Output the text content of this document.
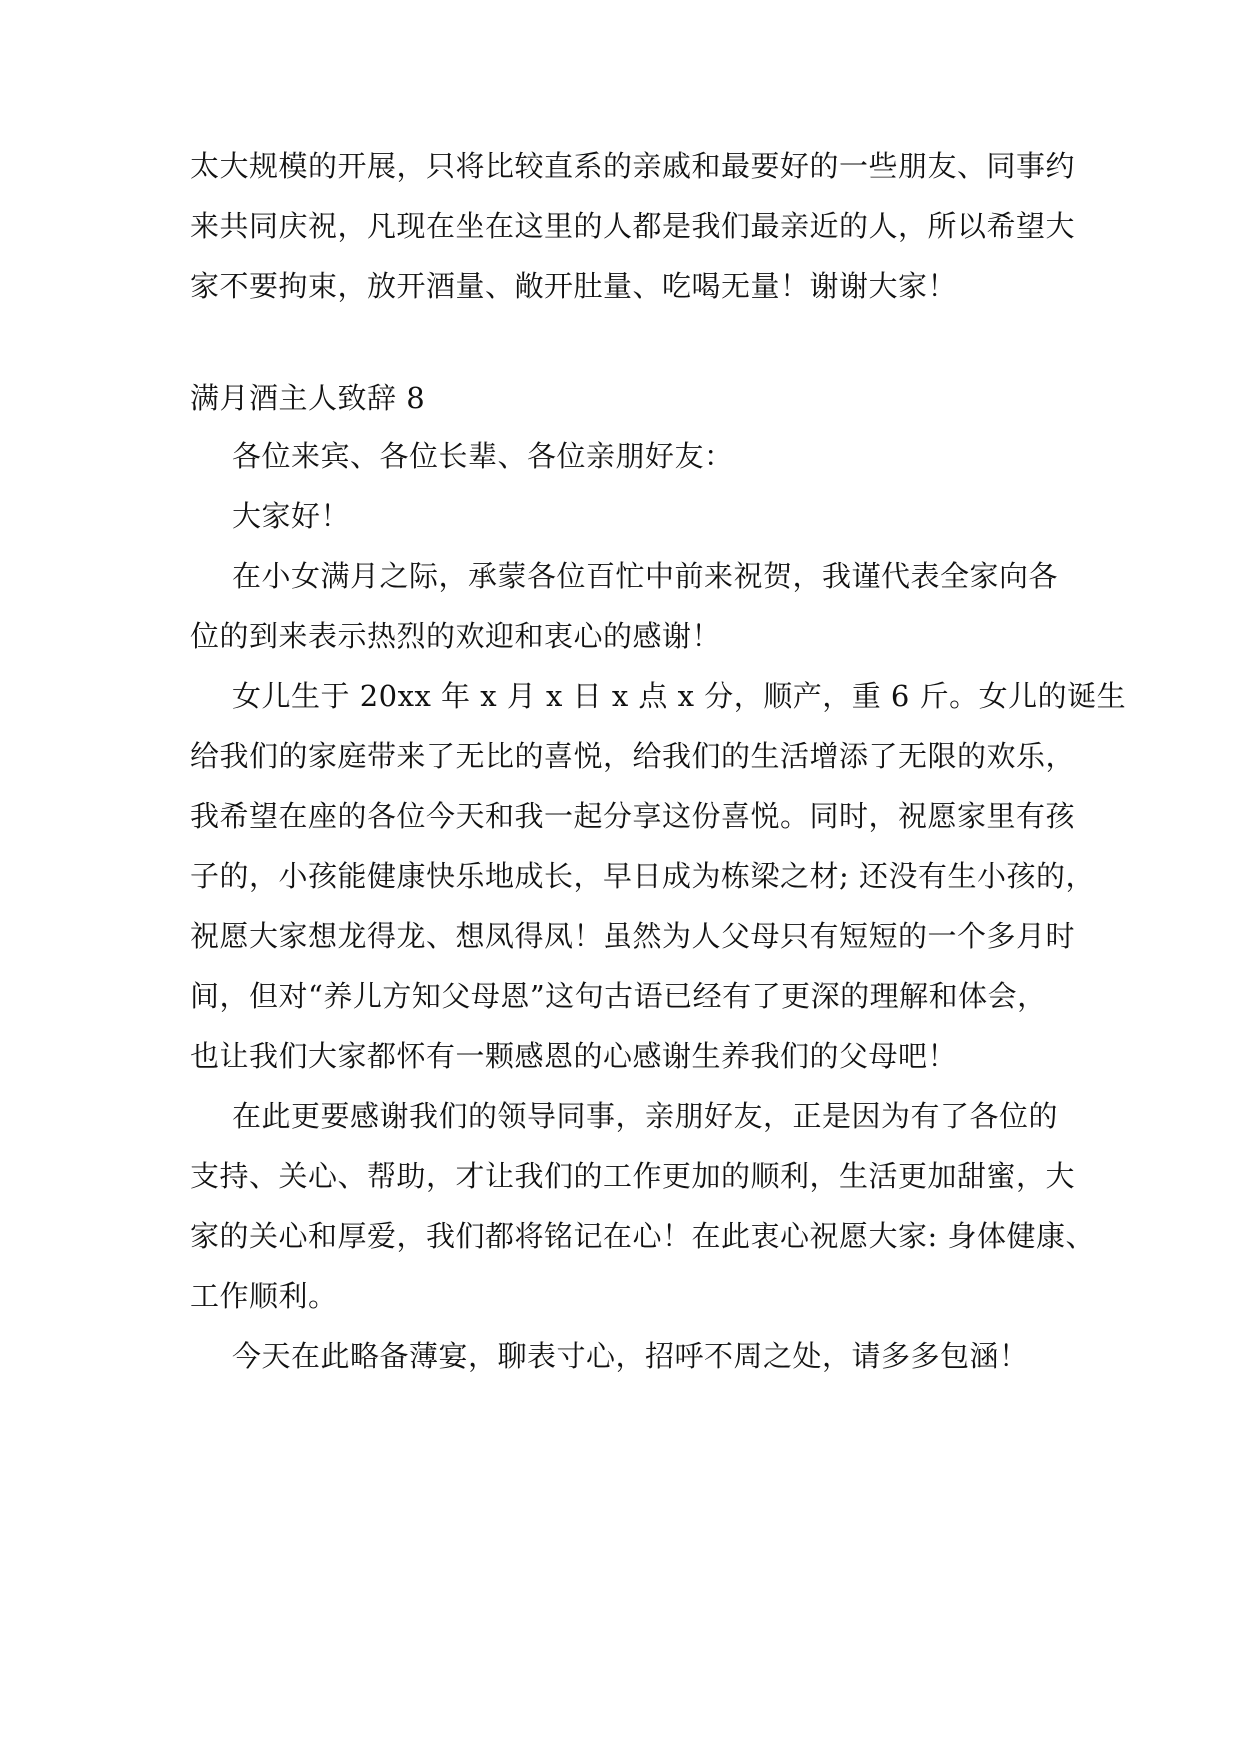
太大规模的开展，只将比较直系的亲戚和最要好的一些朋友、同事约
来共同庆祝，凡现在坐在这里的人都是我们最亲近的人，所以希望大
家不要拘束，放开酒量、敞开肚量、吃喝无量！谢谢大家！
满月酒主人致辞 8
各位来宾、各位长辈、各位亲朋好友：
大家好！
在小女满月之际，承蒙各位百忙中前来祝贺，我谨代表全家向各
位的到来表示热烈的欢迎和衷心的感谢！
女儿生于 20xx 年 x 月 x 日 x 点 x 分，顺产，重 6 斤。女儿的诞生
给我们的家庭带来了无比的喜悦，给我们的生活增添了无限的欢乐，
我希望在座的各位今天和我一起分享这份喜悦。同时，祝愿家里有孩
子的，小孩能健康快乐地成长，早日成为栋梁之材; 还没有生小孩的，
祝愿大家想龙得龙、想凤得凤！虽然为人父母只有短短的一个多月时
间，但对“养儿方知父母恩”这句古语已经有了更深的理解和体会，
也让我们大家都怀有一颗感恩的心感谢生养我们的父母吧！
在此更要感谢我们的领导同事，亲朋好友，正是因为有了各位的
支持、关心、帮助，才让我们的工作更加的顺利，生活更加甜蜜，大
家的关心和厚爱，我们都将铭记在心！在此衷心祝愿大家: 身体健康、
工作顺利。
今天在此略备薄宴，聊表寸心，招呼不周之处，请多多包涵！
